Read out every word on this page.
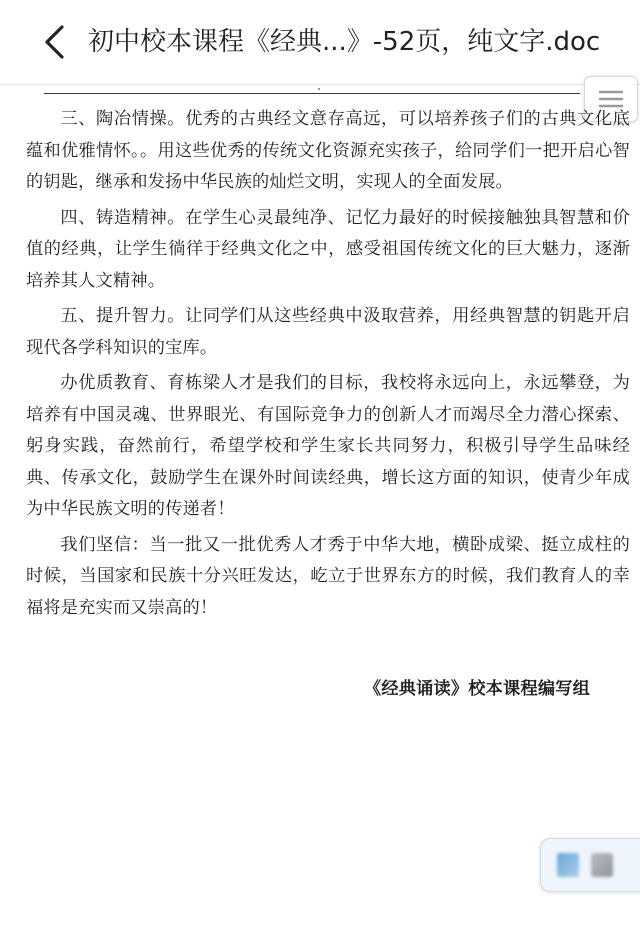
初中校本课程《经典...》-52页，纯文字.doc

三、陶冶情操。优秀的古典经文意存高远，可以培养孩子们的古典文化底蕴和优雅情怀。。用这些优秀的传统文化资源充实孩子，给同学们一把开启心智的钥匙，继承和发扬中华民族的灿烂文明，实现人的全面发展。

四、铸造精神。在学生心灵最纯净、记忆力最好的时候接触独具智慧和价值的经典，让学生徜徉于经典文化之中，感受祖国传统文化的巨大魅力，逐渐培养其人文精神。

五、提升智力。让同学们从这些经典中汲取营养，用经典智慧的钥匙开启现代各学科知识的宝库。

办优质教育、育栋梁人才是我们的目标，我校将永远向上，永远攀登，为培养有中国灵魂、世界眼光、有国际竞争力的创新人才而竭尽全力潜心探索、躬身实践，奋然前行，希望学校和学生家长共同努力，积极引导学生品味经典、传承文化，鼓励学生在课外时间读经典，增长这方面的知识，使青少年成为中华民族文明的传递者！

我们坚信：当一批又一批优秀人才秀于中华大地，横卧成梁、挺立成柱的时候，当国家和民族十分兴旺发达，屹立于世界东方的时候，我们教育人的幸福将是充实而又崇高的！

《经典诵读》校本课程编写组
